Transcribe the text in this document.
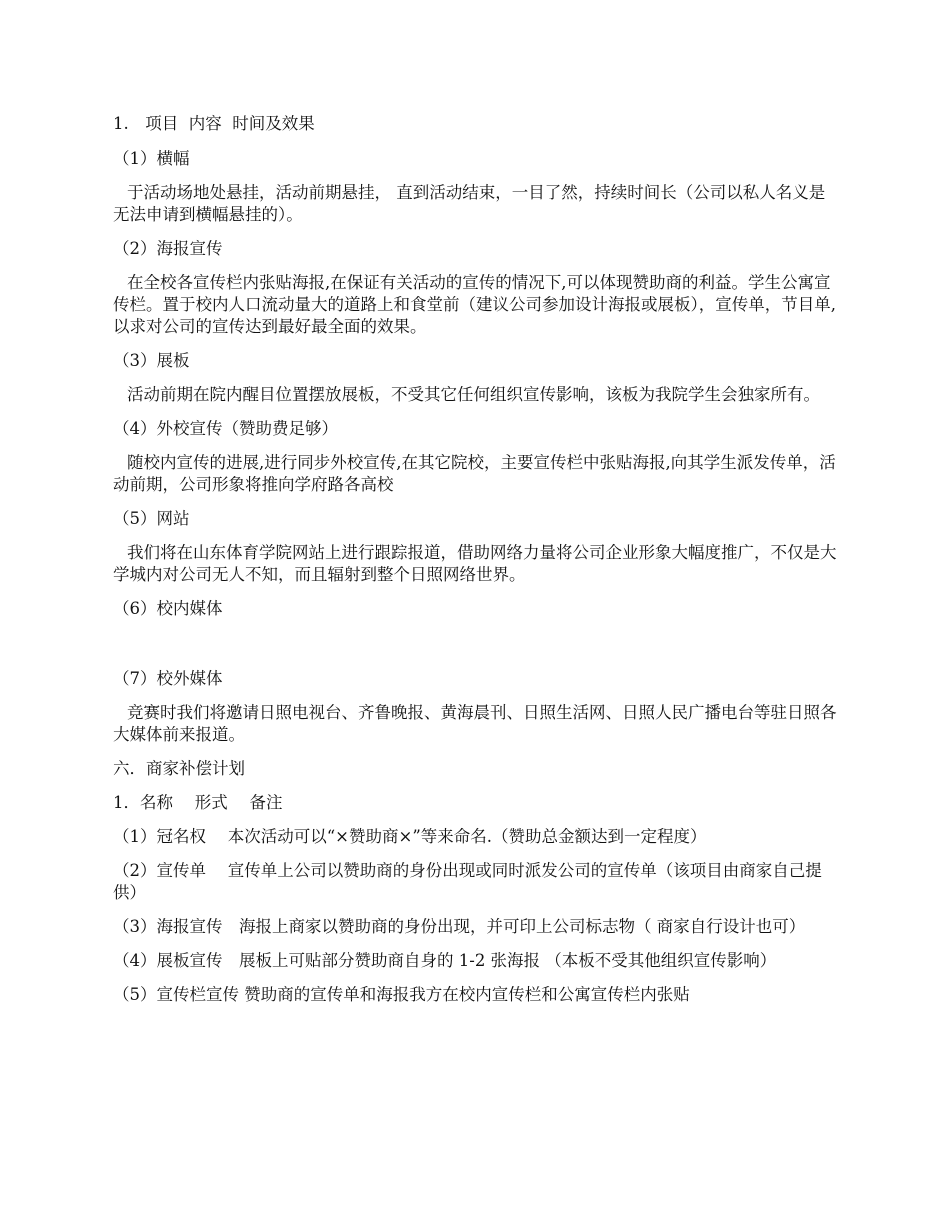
1.　项目  内容  时间及效果

（1）横幅

于活动场地处悬挂，活动前期悬挂， 直到活动结束，一目了然，持续时间长（公司以私人名义是无法申请到横幅悬挂的）。

（2）海报宣传

在全校各宣传栏内张贴海报,在保证有关活动的宣传的情况下,可以体现赞助商的利益。学生公寓宣传栏。置于校内人口流动量大的道路上和食堂前（建议公司参加设计海报或展板），宣传单，节目单,以求对公司的宣传达到最好最全面的效果。

（3）展板

活动前期在院内醒目位置摆放展板，不受其它任何组织宣传影响，该板为我院学生会独家所有。

（4）外校宣传（赞助费足够）

随校内宣传的进展,进行同步外校宣传,在其它院校，主要宣传栏中张贴海报,向其学生派发传单，活动前期，公司形象将推向学府路各高校

（5）网站

我们将在山东体育学院网站上进行跟踪报道，借助网络力量将公司企业形象大幅度推广，不仅是大学城内对公司无人不知，而且辐射到整个日照网络世界。

（6）校内媒体

（7）校外媒体

竞赛时我们将邀请日照电视台、齐鲁晚报、黄海晨刊、日照生活网、日照人民广播电台等驻日照各大媒体前来报道。

六．商家补偿计划

1．名称　 形式　 备注

（1）冠名权　 本次活动可以“×赞助商×”等来命名.（赞助总金额达到一定程度）

（2）宣传单　 宣传单上公司以赞助商的身份出现或同时派发公司的宣传单（该项目由商家自己提供）

（3）海报宣传　海报上商家以赞助商的身份出现，并可印上公司标志物（ 商家自行设计也可）

（4）展板宣传　展板上可贴部分赞助商自身的 1-2 张海报 （本板不受其他组织宣传影响）

（5）宣传栏宣传 赞助商的宣传单和海报我方在校内宣传栏和公寓宣传栏内张贴
